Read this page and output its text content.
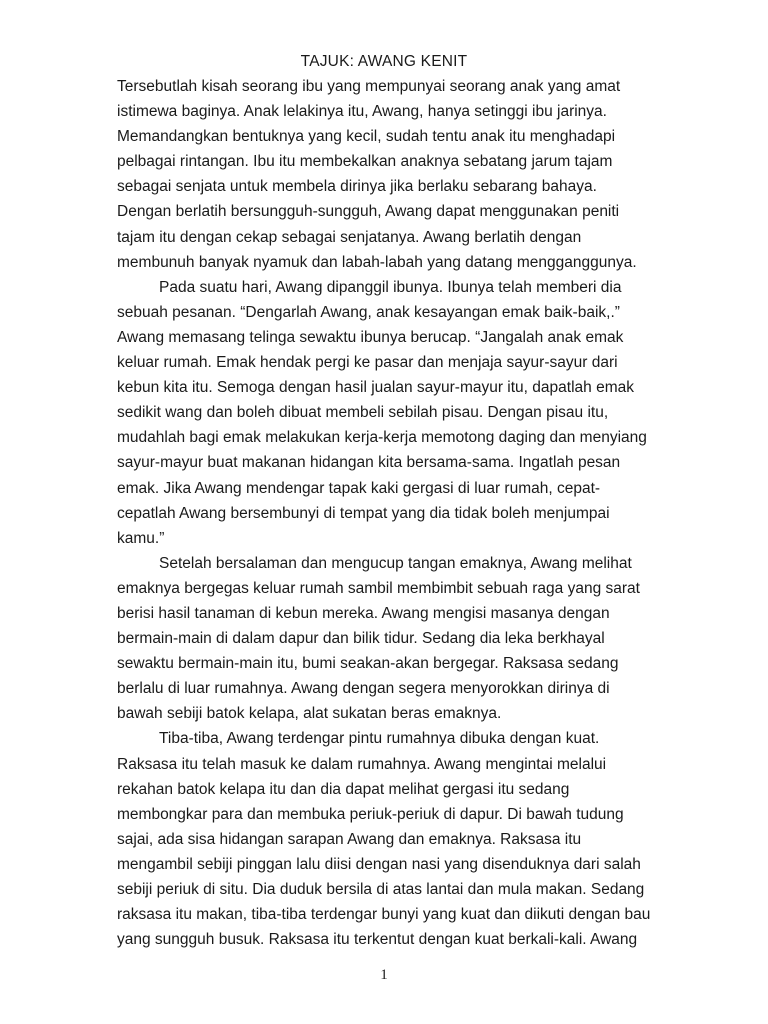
TAJUK: AWANG KENIT

Tersebutlah kisah seorang ibu yang mempunyai seorang anak yang amat
istimewa baginya. Anak lelakinya itu, Awang, hanya setinggi ibu jarinya.
Memandangkan bentuknya yang kecil, sudah tentu anak itu menghadapi
pelbagai rintangan. Ibu itu membekalkan anaknya sebatang jarum tajam
sebagai senjata untuk membela dirinya jika berlaku sebarang bahaya.
Dengan berlatih bersungguh-sungguh, Awang dapat menggunakan peniti
tajam itu dengan cekap sebagai senjatanya. Awang berlatih dengan
membunuh banyak nyamuk dan labah-labah yang datang mengganggunya.

Pada suatu hari, Awang dipanggil ibunya. Ibunya telah memberi dia
sebuah pesanan. “Dengarlah Awang, anak kesayangan emak baik-baik,.”
Awang memasang telinga sewaktu ibunya berucap. “Jangalah anak emak
keluar rumah. Emak hendak pergi ke pasar dan menjaja sayur-sayur dari
kebun kita itu. Semoga dengan hasil jualan sayur-mayur itu, dapatlah emak
sedikit wang dan boleh dibuat membeli sebilah pisau. Dengan pisau itu,
mudahlah bagi emak melakukan kerja-kerja memotong daging dan menyiang
sayur-mayur buat makanan hidangan kita bersama-sama. Ingatlah pesan
emak. Jika Awang mendengar tapak kaki gergasi di luar rumah, cepat-
cepatlah Awang bersembunyi di tempat yang dia tidak boleh menjumpai
kamu.”

Setelah bersalaman dan mengucup tangan emaknya, Awang melihat
emaknya bergegas keluar rumah sambil membimbit sebuah raga yang sarat
berisi hasil tanaman di kebun mereka. Awang mengisi masanya dengan
bermain-main di dalam dapur dan bilik tidur. Sedang dia leka berkhayal
sewaktu bermain-main itu, bumi seakan-akan bergegar. Raksasa sedang
berlalu di luar rumahnya. Awang dengan segera menyorokkan dirinya di
bawah sebiji batok kelapa, alat sukatan beras emaknya.

Tiba-tiba, Awang terdengar pintu rumahnya dibuka dengan kuat.
Raksasa itu telah masuk ke dalam rumahnya. Awang mengintai melalui
rekahan batok kelapa itu dan dia dapat melihat gergasi itu sedang
membongkar para dan membuka periuk-periuk di dapur. Di bawah tudung
sajai, ada sisa hidangan sarapan Awang dan emaknya. Raksasa itu
mengambil sebiji pinggan lalu diisi dengan nasi yang disenduknya dari salah
sebiji periuk di situ. Dia duduk bersila di atas lantai dan mula makan. Sedang
raksasa itu makan, tiba-tiba terdengar bunyi yang kuat dan diikuti dengan bau
yang sungguh busuk. Raksasa itu terkentut dengan kuat berkali-kali. Awang

1
